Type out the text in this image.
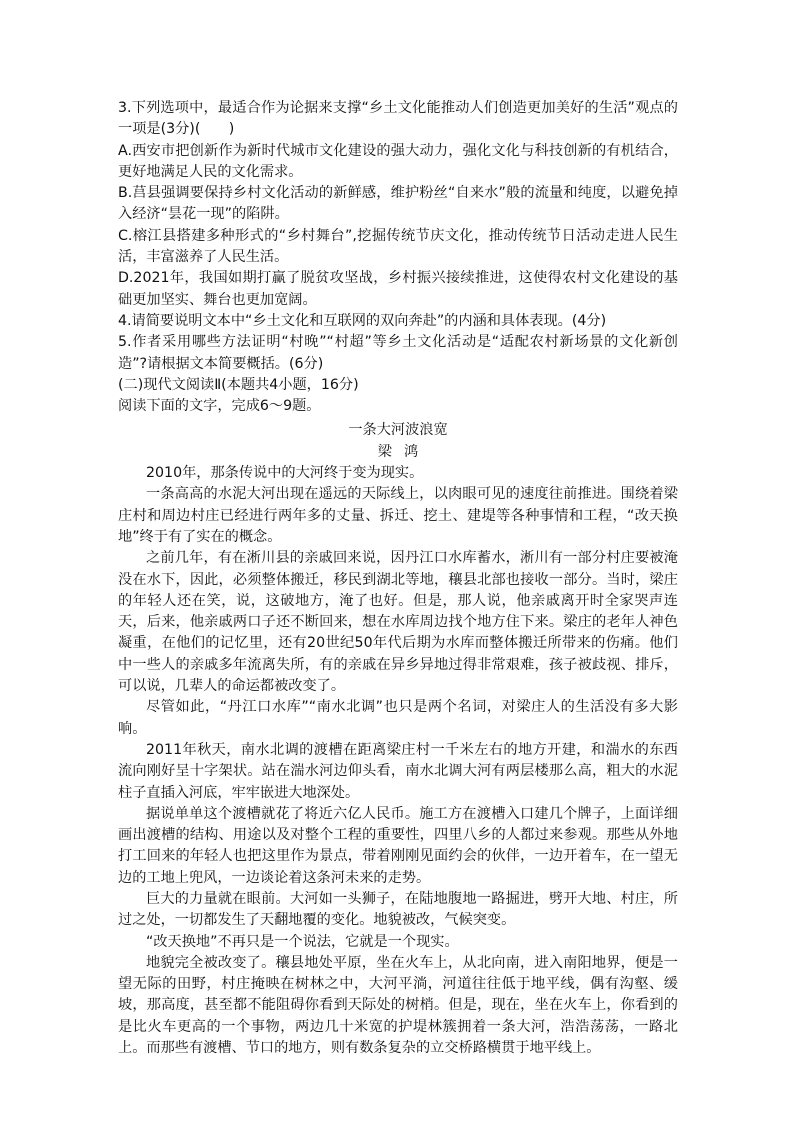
3.下列选项中，最适合作为论据来支撑“乡土文化能推动人们创造更加美好的生活”观点的一项是(3分)(　　)

A.西安市把创新作为新时代城市文化建设的强大动力，强化文化与科技创新的有机结合，更好地满足人民的文化需求。

B.莒县强调要保持乡村文化活动的新鲜感，维护粉丝“自来水”般的流量和纯度，以避免掉入经济“昙花一现”的陷阱。

C.榕江县搭建多种形式的“乡村舞台”,挖掘传统节庆文化，推动传统节日活动走进人民生活，丰富滋养了人民生活。

D.2021年，我国如期打赢了脱贫攻坚战，乡村振兴接续推进，这使得农村文化建设的基础更加坚实、舞台也更加宽阔。

4.请简要说明文本中“乡土文化和互联网的双向奔赴”的内涵和具体表现。(4分)

5.作者采用哪些方法证明“村晚”“村超”等乡土文化活动是“适配农村新场景的文化新创造”?请根据文本简要概括。(6分)

(二)现代文阅读Ⅱ(本题共4小题，16分)

阅读下面的文字，完成6～9题。

一条大河波浪宽

梁鸿

2010年，那条传说中的大河终于变为现实。

一条高高的水泥大河出现在遥远的天际线上，以肉眼可见的速度往前推进。围绕着梁庄村和周边村庄已经进行两年多的丈量、拆迁、挖土、建堤等各种事情和工程，“改天换地”终于有了实在的概念。

之前几年，有在淅川县的亲戚回来说，因丹江口水库蓄水，淅川有一部分村庄要被淹没在水下，因此，必须整体搬迁，移民到湖北等地，穰县北部也接收一部分。当时，梁庄的年轻人还在笑，说，这破地方，淹了也好。但是，那人说，他亲戚离开时全家哭声连天，后来，他亲戚两口子还不断回来，想在水库周边找个地方住下来。梁庄的老年人神色凝重，在他们的记忆里，还有20世纪50年代后期为水库而整体搬迁所带来的伤痛。他们中一些人的亲戚多年流离失所，有的亲戚在异乡异地过得非常艰难，孩子被歧视、排斥，可以说，几辈人的命运都被改变了。

尽管如此，“丹江口水库”“南水北调”也只是两个名词，对梁庄人的生活没有多大影响。

2011年秋天，南水北调的渡槽在距离梁庄村一千米左右的地方开建，和湍水的东西流向刚好呈十字架状。站在湍水河边仰头看，南水北调大河有两层楼那么高，粗大的水泥柱子直插入河底，牢牢嵌进大地深处。

据说单单这个渡槽就花了将近六亿人民币。施工方在渡槽入口建几个牌子，上面详细画出渡槽的结构、用途以及对整个工程的重要性，四里八乡的人都过来参观。那些从外地打工回来的年轻人也把这里作为景点，带着刚刚见面约会的伙伴，一边开着车，在一望无边的工地上兜风，一边谈论着这条河未来的走势。

巨大的力量就在眼前。大河如一头狮子，在陆地腹地一路掘进，劈开大地、村庄，所过之处，一切都发生了天翻地覆的变化。地貌被改，气候突变。

“改天换地”不再只是一个说法，它就是一个现实。

地貌完全被改变了。穰县地处平原，坐在火车上，从北向南，进入南阳地界，便是一望无际的田野，村庄掩映在树林之中，大河平淌，河道往往低于地平线，偶有沟壑、缓坡，那高度，甚至都不能阻碍你看到天际处的树梢。但是，现在，坐在火车上，你看到的是比火车更高的一个事物，两边几十米宽的护堤林簇拥着一条大河，浩浩荡荡，一路北上。而那些有渡槽、节口的地方，则有数条复杂的立交桥路横贯于地平线上。
